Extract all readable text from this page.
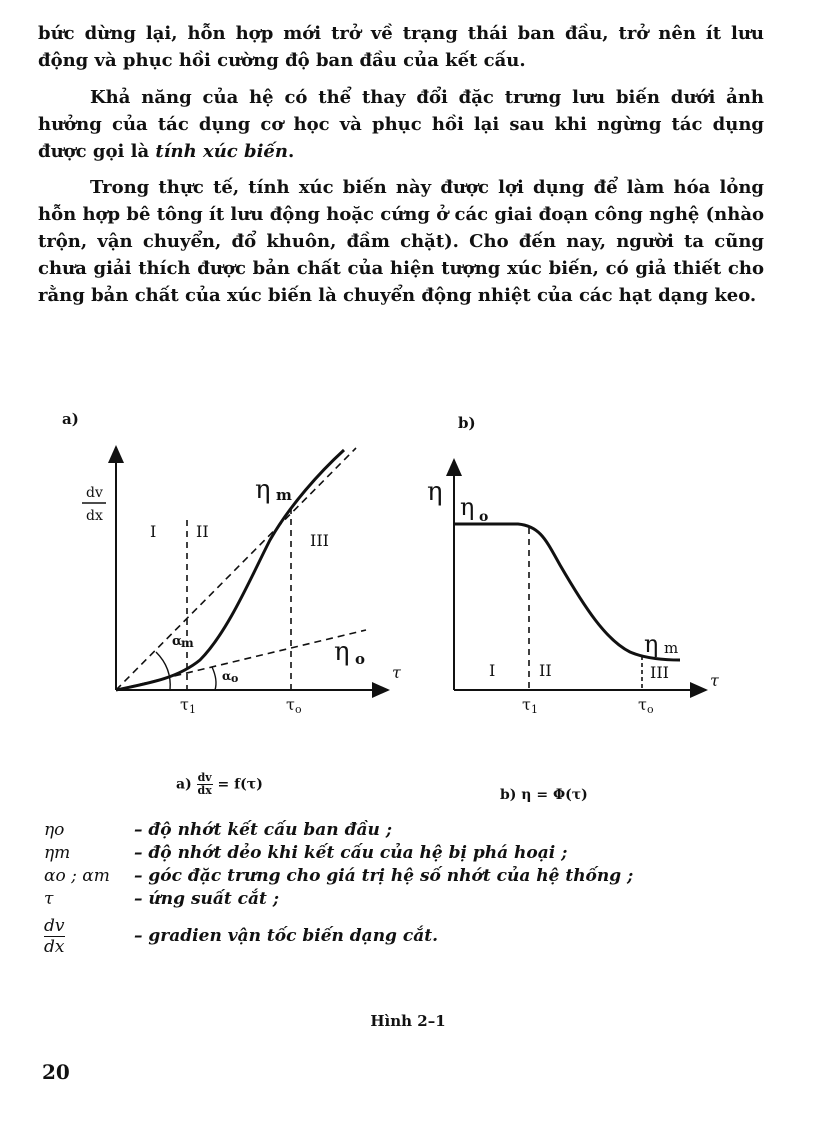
bức dừng lại, hỗn hợp mới trở về trạng thái ban đầu, trở nên ít lưu động và phục hồi cường độ ban đầu của kết cấu.
Khả năng của hệ có thể thay đổi đặc trưng lưu biến dưới ảnh hưởng của tác dụng cơ học và phục hồi lại sau khi ngừng tác dụng được gọi là tính xúc biến.
Trong thực tế, tính xúc biến này được lợi dụng để làm hóa lỏng hỗn hợp bê tông ít lưu động hoặc cứng ở các giai đoạn công nghệ (nhào trộn, vận chuyển, đổ khuôn, đầm chặt). Cho đến nay, người ta cũng chưa giải thích được bản chất của hiện tượng xúc biến, có giả thiết cho rằng bản chất của xúc biến là chuyển động nhiệt của các hạt dạng keo.
a)
dv
dx
τ
I II	III
η m
η o
α
m
α o
τ 1	τ o
b)
η
τ
η o
η m
I	II	III
τ 1	τ o
$a) \frac{dv}{dx} = f(\tau)$
b) η = Φ(τ)
ηo	– độ nhớt kết cấu ban đầu ;
ηm	– độ nhớt dẻo khi kết cấu của hệ bị phá hoại ;
αo ; αm	– góc đặc trưng cho giá trị hệ số nhớt của hệ thống ;
τ	– ứng suất cắt ;
$\frac{dv}{dx}$	– gradien vận tốc biến dạng cắt.
Hình 2–1
20
